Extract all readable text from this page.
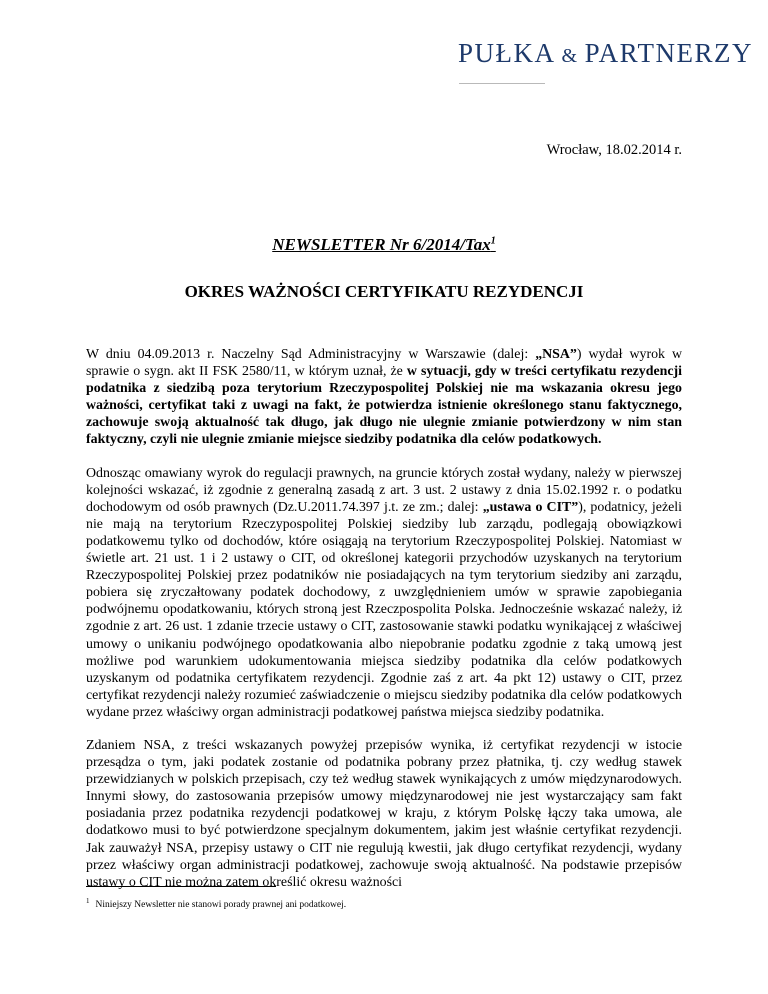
PUŁKA & PARTNERZY
Wrocław, 18.02.2014 r.
NEWSLETTER Nr 6/2014/Tax$^1$
OKRES WAŻNOŚCI CERTYFIKATU REZYDENCJI

W dniu 04.09.2013 r. Naczelny Sąd Administracyjny w Warszawie (dalej: „NSA”) wydał wyrok w sprawie o sygn. akt II FSK 2580/11, w którym uznał, że w sytuacji, gdy w treści certyfikatu rezydencji podatnika z siedzibą poza terytorium Rzeczypospolitej Polskiej nie ma wskazania okresu jego ważności, certyfikat taki z uwagi na fakt, że potwierdza istnienie określonego stanu faktycznego, zachowuje swoją aktualność tak długo, jak długo nie ulegnie zmianie potwierdzony w nim stan faktyczny, czyli nie ulegnie zmianie miejsce siedziby podatnika dla celów podatkowych.

Odnosząc omawiany wyrok do regulacji prawnych, na gruncie których został wydany, należy w pierwszej kolejności wskazać, iż zgodnie z generalną zasadą z art. 3 ust. 2 ustawy z dnia 15.02.1992 r. o podatku dochodowym od osób prawnych (Dz.U.2011.74.397 j.t. ze zm.; dalej: „ustawa o CIT”), podatnicy, jeżeli nie mają na terytorium Rzeczypospolitej Polskiej siedziby lub zarządu, podlegają obowiązkowi podatkowemu tylko od dochodów, które osiągają na terytorium Rzeczypospolitej Polskiej. Natomiast w świetle art. 21 ust. 1 i 2 ustawy o CIT, od określonej kategorii przychodów uzyskanych na terytorium Rzeczypospolitej Polskiej przez podatników nie posiadających na tym terytorium siedziby ani zarządu, pobiera się zryczałtowany podatek dochodowy, z uwzględnieniem umów w sprawie zapobiegania podwójnemu opodatkowaniu, których stroną jest Rzeczpospolita Polska. Jednocześnie wskazać należy, iż zgodnie z art. 26 ust. 1 zdanie trzecie ustawy o CIT, zastosowanie stawki podatku wynikającej z właściwej umowy o unikaniu podwójnego opodatkowania albo niepobranie podatku zgodnie z taką umową jest możliwe pod warunkiem udokumentowania miejsca siedziby podatnika dla celów podatkowych uzyskanym od podatnika certyfikatem rezydencji. Zgodnie zaś z art. 4a pkt 12) ustawy o CIT, przez certyfikat rezydencji należy rozumieć zaświadczenie o miejscu siedziby podatnika dla celów podatkowych wydane przez właściwy organ administracji podatkowej państwa miejsca siedziby podatnika.

Zdaniem NSA, z treści wskazanych powyżej przepisów wynika, iż certyfikat rezydencji w istocie przesądza o tym, jaki podatek zostanie od podatnika pobrany przez płatnika, tj. czy według stawek przewidzianych w polskich przepisach, czy też według stawek wynikających z umów międzynarodowych. Innymi słowy, do zastosowania przepisów umowy międzynarodowej nie jest wystarczający sam fakt posiadania przez podatnika rezydencji podatkowej w kraju, z którym Polskę łączy taka umowa, ale dodatkowo musi to być potwierdzone specjalnym dokumentem, jakim jest właśnie certyfikat rezydencji. Jak zauważył NSA, przepisy ustawy o CIT nie regulują kwestii, jak długo certyfikat rezydencji, wydany przez właściwy organ administracji podatkowej, zachowuje swoją aktualność. Na podstawie przepisów ustawy o CIT nie można zatem określić okresu ważności

$^1$ Niniejszy Newsletter nie stanowi porady prawnej ani podatkowej.
